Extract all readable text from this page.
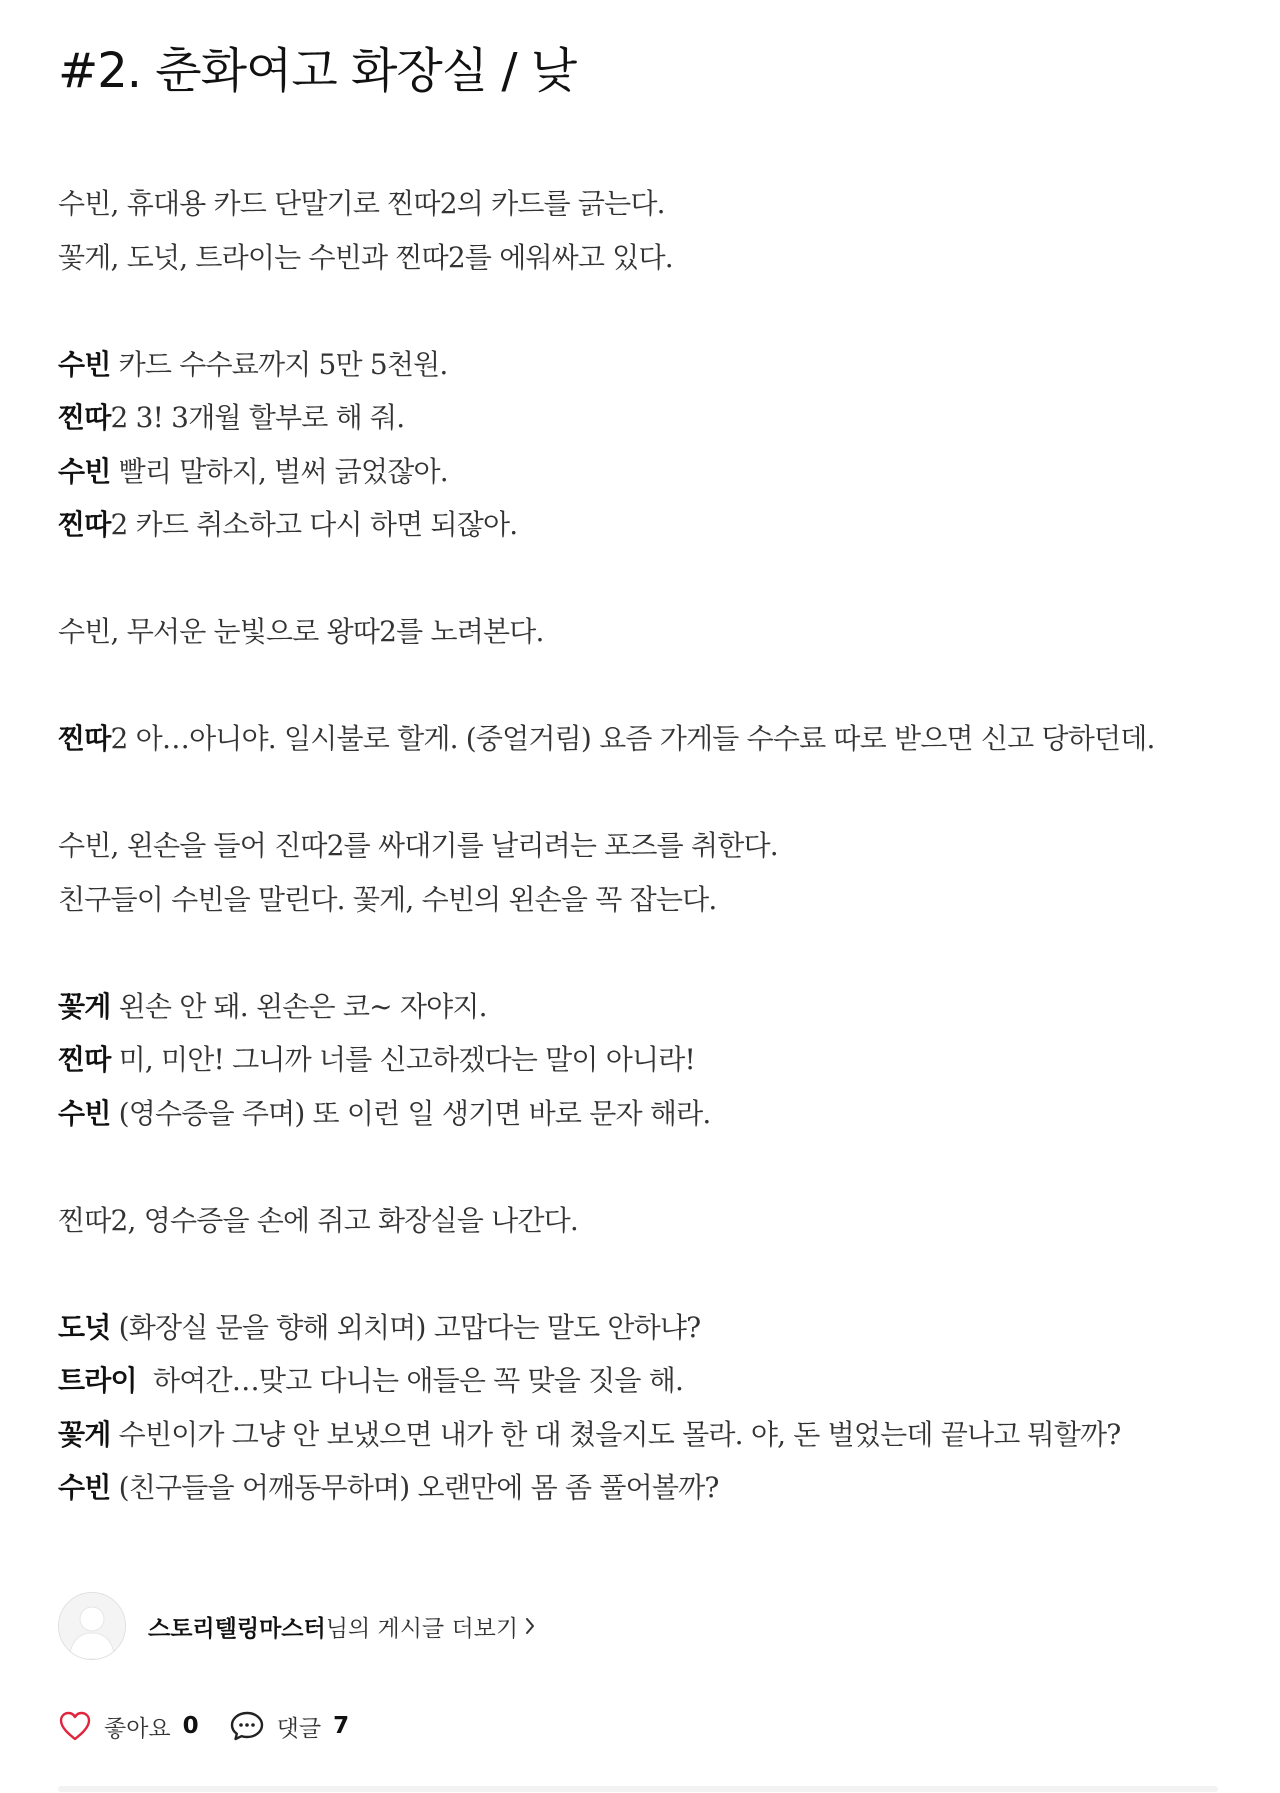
#2. 춘화여고 화장실 / 낮
수빈, 휴대용 카드 단말기로 찐따2의 카드를 긁는다.
꽃게, 도넛, 트라이는 수빈과 찐따2를 에워싸고 있다.
수빈 카드 수수료까지 5만 5천원.
찐따2 3! 3개월 할부로 해 줘.
수빈 빨리 말하지, 벌써 긁었잖아.
찐따2 카드 취소하고 다시 하면 되잖아.
수빈, 무서운 눈빛으로 왕따2를 노려본다.
찐따2 아…아니야. 일시불로 할게. (중얼거림) 요즘 가게들 수수료 따로 받으면 신고 당하던데.
수빈, 왼손을 들어 진따2를 싸대기를 날리려는 포즈를 취한다.
친구들이 수빈을 말린다. 꽃게, 수빈의 왼손을 꼭 잡는다.
꽃게 왼손 안 돼. 왼손은 코~ 자야지.
찐따 미, 미안! 그니까 너를 신고하겠다는 말이 아니라!
수빈 (영수증을 주며) 또 이런 일 생기면 바로 문자 해라.
찐따2, 영수증을 손에 쥐고 화장실을 나간다.
도넛 (화장실 문을 향해 외치며) 고맙다는 말도 안하냐?
트라이  하여간…맞고 다니는 애들은 꼭 맞을 짓을 해.
꽃게 수빈이가 그냥 안 보냈으면 내가 한 대 쳤을지도 몰라. 야, 돈 벌었는데 끝나고 뭐할까?
수빈 (친구들을 어깨동무하며) 오랜만에 몸 좀 풀어볼까?
스토리텔링마스터 님의 게시글 더보기
좋아요 0	댓글 7
